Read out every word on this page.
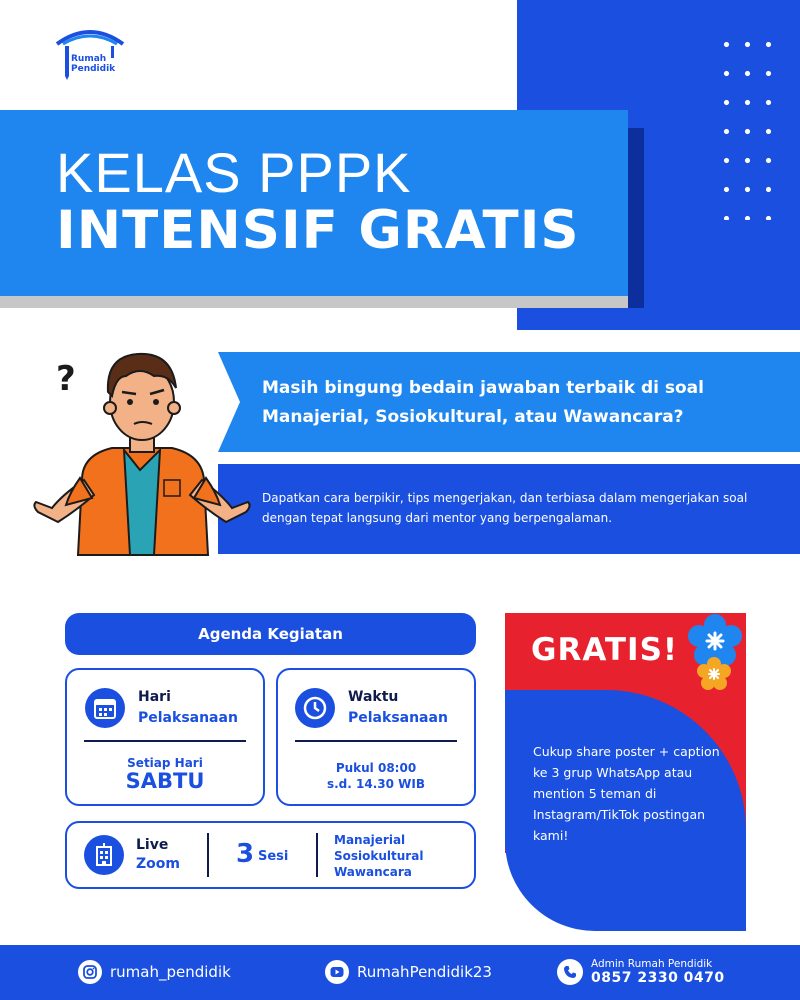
Rumah
Pendidik
KELAS PPPK
INTENSIF GRATIS
Masih bingung bedain jawaban terbaik di soal
Manajerial, Sosiokultural, atau Wawancara?
Dapatkan cara berpikir, tips mengerjakan, dan terbiasa dalam mengerjakan soal dengan tepat langsung dari mentor yang berpengalaman.
?
Agenda Kegiatan
Hari
Pelaksanaan
Setiap Hari
SABTU
Waktu
Pelaksanaan
Pukul 08:00
s.d. 14.30 WIB
Live
Zoom 3 Sesi
Manajerial
Sosiokultural
Wawancara
GRATIS!
Cukup share poster + caption ke 3 grup WhatsApp atau mention 5 teman di Instagram/TikTok postingan kami!
rumah_pendidik	RumahPendidik23	Admin Rumah Pendidik
0857 2330 0470
